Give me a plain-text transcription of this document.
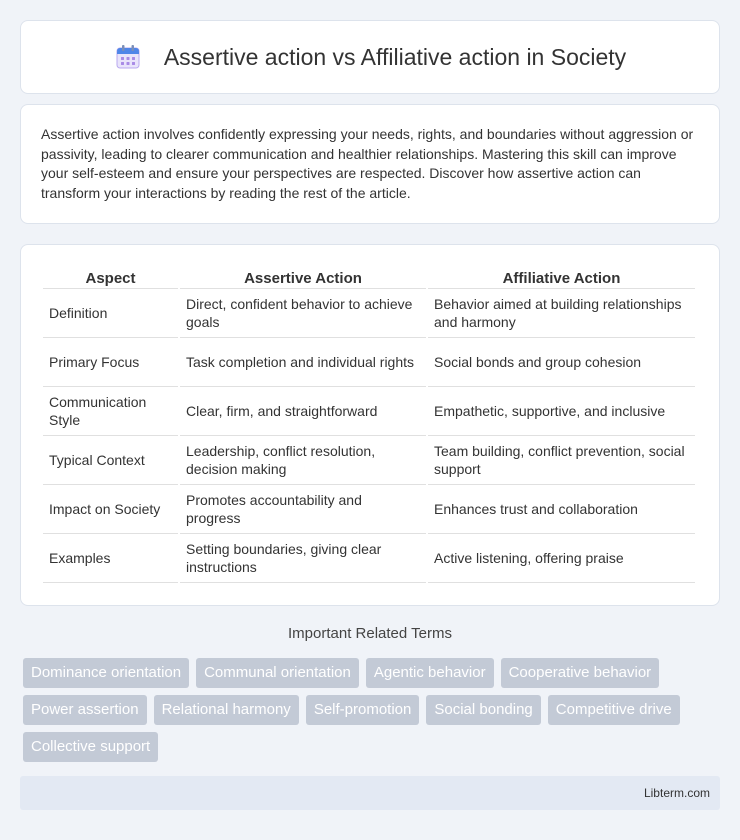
Assertive action vs Affiliative action in Society

Assertive action involves confidently expressing your needs, rights, and boundaries without aggression or passivity, leading to clearer communication and healthier relationships. Mastering this skill can improve your self-esteem and ensure your perspectives are respected. Discover how assertive action can transform your interactions by reading the rest of the article.

Aspect	Assertive Action	Affiliative Action
Definition	Direct, confident behavior to achieve goals	Behavior aimed at building relationships and harmony
Primary Focus	Task completion and individual rights	Social bonds and group cohesion
Communication Style	Clear, firm, and straightforward	Empathetic, supportive, and inclusive
Typical Context	Leadership, conflict resolution, decision making	Team building, conflict prevention, social support
Impact on Society	Promotes accountability and progress	Enhances trust and collaboration
Examples	Setting boundaries, giving clear instructions	Active listening, offering praise
Important Related Terms
Dominance orientation	Communal orientation	Agentic behavior	Cooperative behavior
Power assertion	Relational harmony	Self-promotion	Social bonding	Competitive drive
Collective support
Libterm.com
